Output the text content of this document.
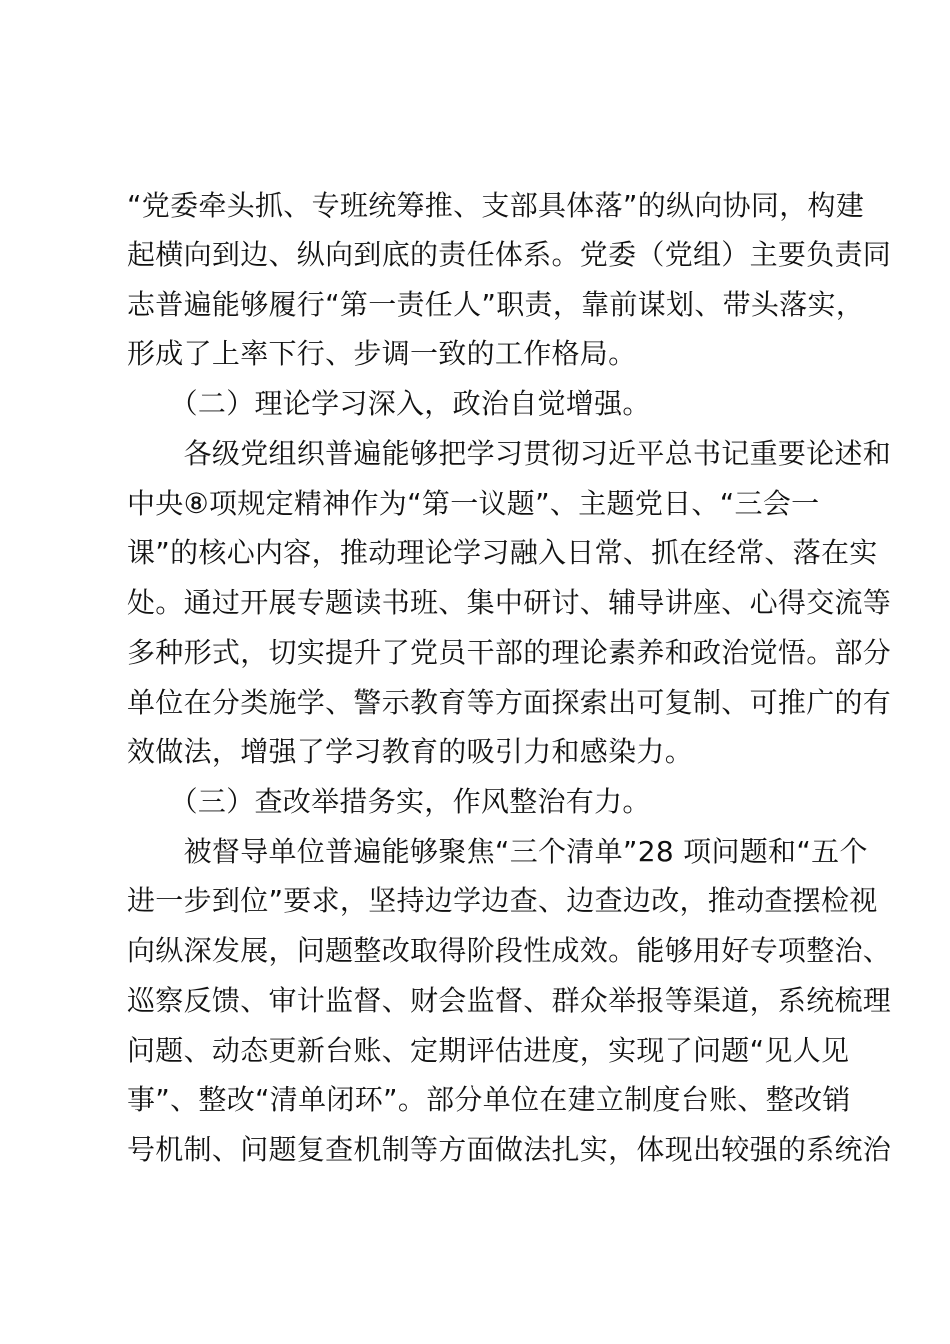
“党委牵头抓、专班统筹推、支部具体落”的纵向协同，构建
起横向到边、纵向到底的责任体系。党委（党组）主要负责同
志普遍能够履行“第一责任人”职责，靠前谋划、带头落实，
形成了上率下行、步调一致的工作格局。
　　（二）理论学习深入，政治自觉增强。
　　各级党组织普遍能够把学习贯彻习近平总书记重要论述和
中央⑧项规定精神作为“第一议题”、主题党日、“三会一
课”的核心内容，推动理论学习融入日常、抓在经常、落在实
处。通过开展专题读书班、集中研讨、辅导讲座、心得交流等
多种形式，切实提升了党员干部的理论素养和政治觉悟。部分
单位在分类施学、警示教育等方面探索出可复制、可推广的有
效做法，增强了学习教育的吸引力和感染力。
　　（三）查改举措务实，作风整治有力。
　　被督导单位普遍能够聚焦“三个清单”28 项问题和“五个
进一步到位”要求，坚持边学边查、边查边改，推动查摆检视
向纵深发展，问题整改取得阶段性成效。能够用好专项整治、
巡察反馈、审计监督、财会监督、群众举报等渠道，系统梳理
问题、动态更新台账、定期评估进度，实现了问题“见人见
事”、整改“清单闭环”。部分单位在建立制度台账、整改销
号机制、问题复查机制等方面做法扎实，体现出较强的系统治
